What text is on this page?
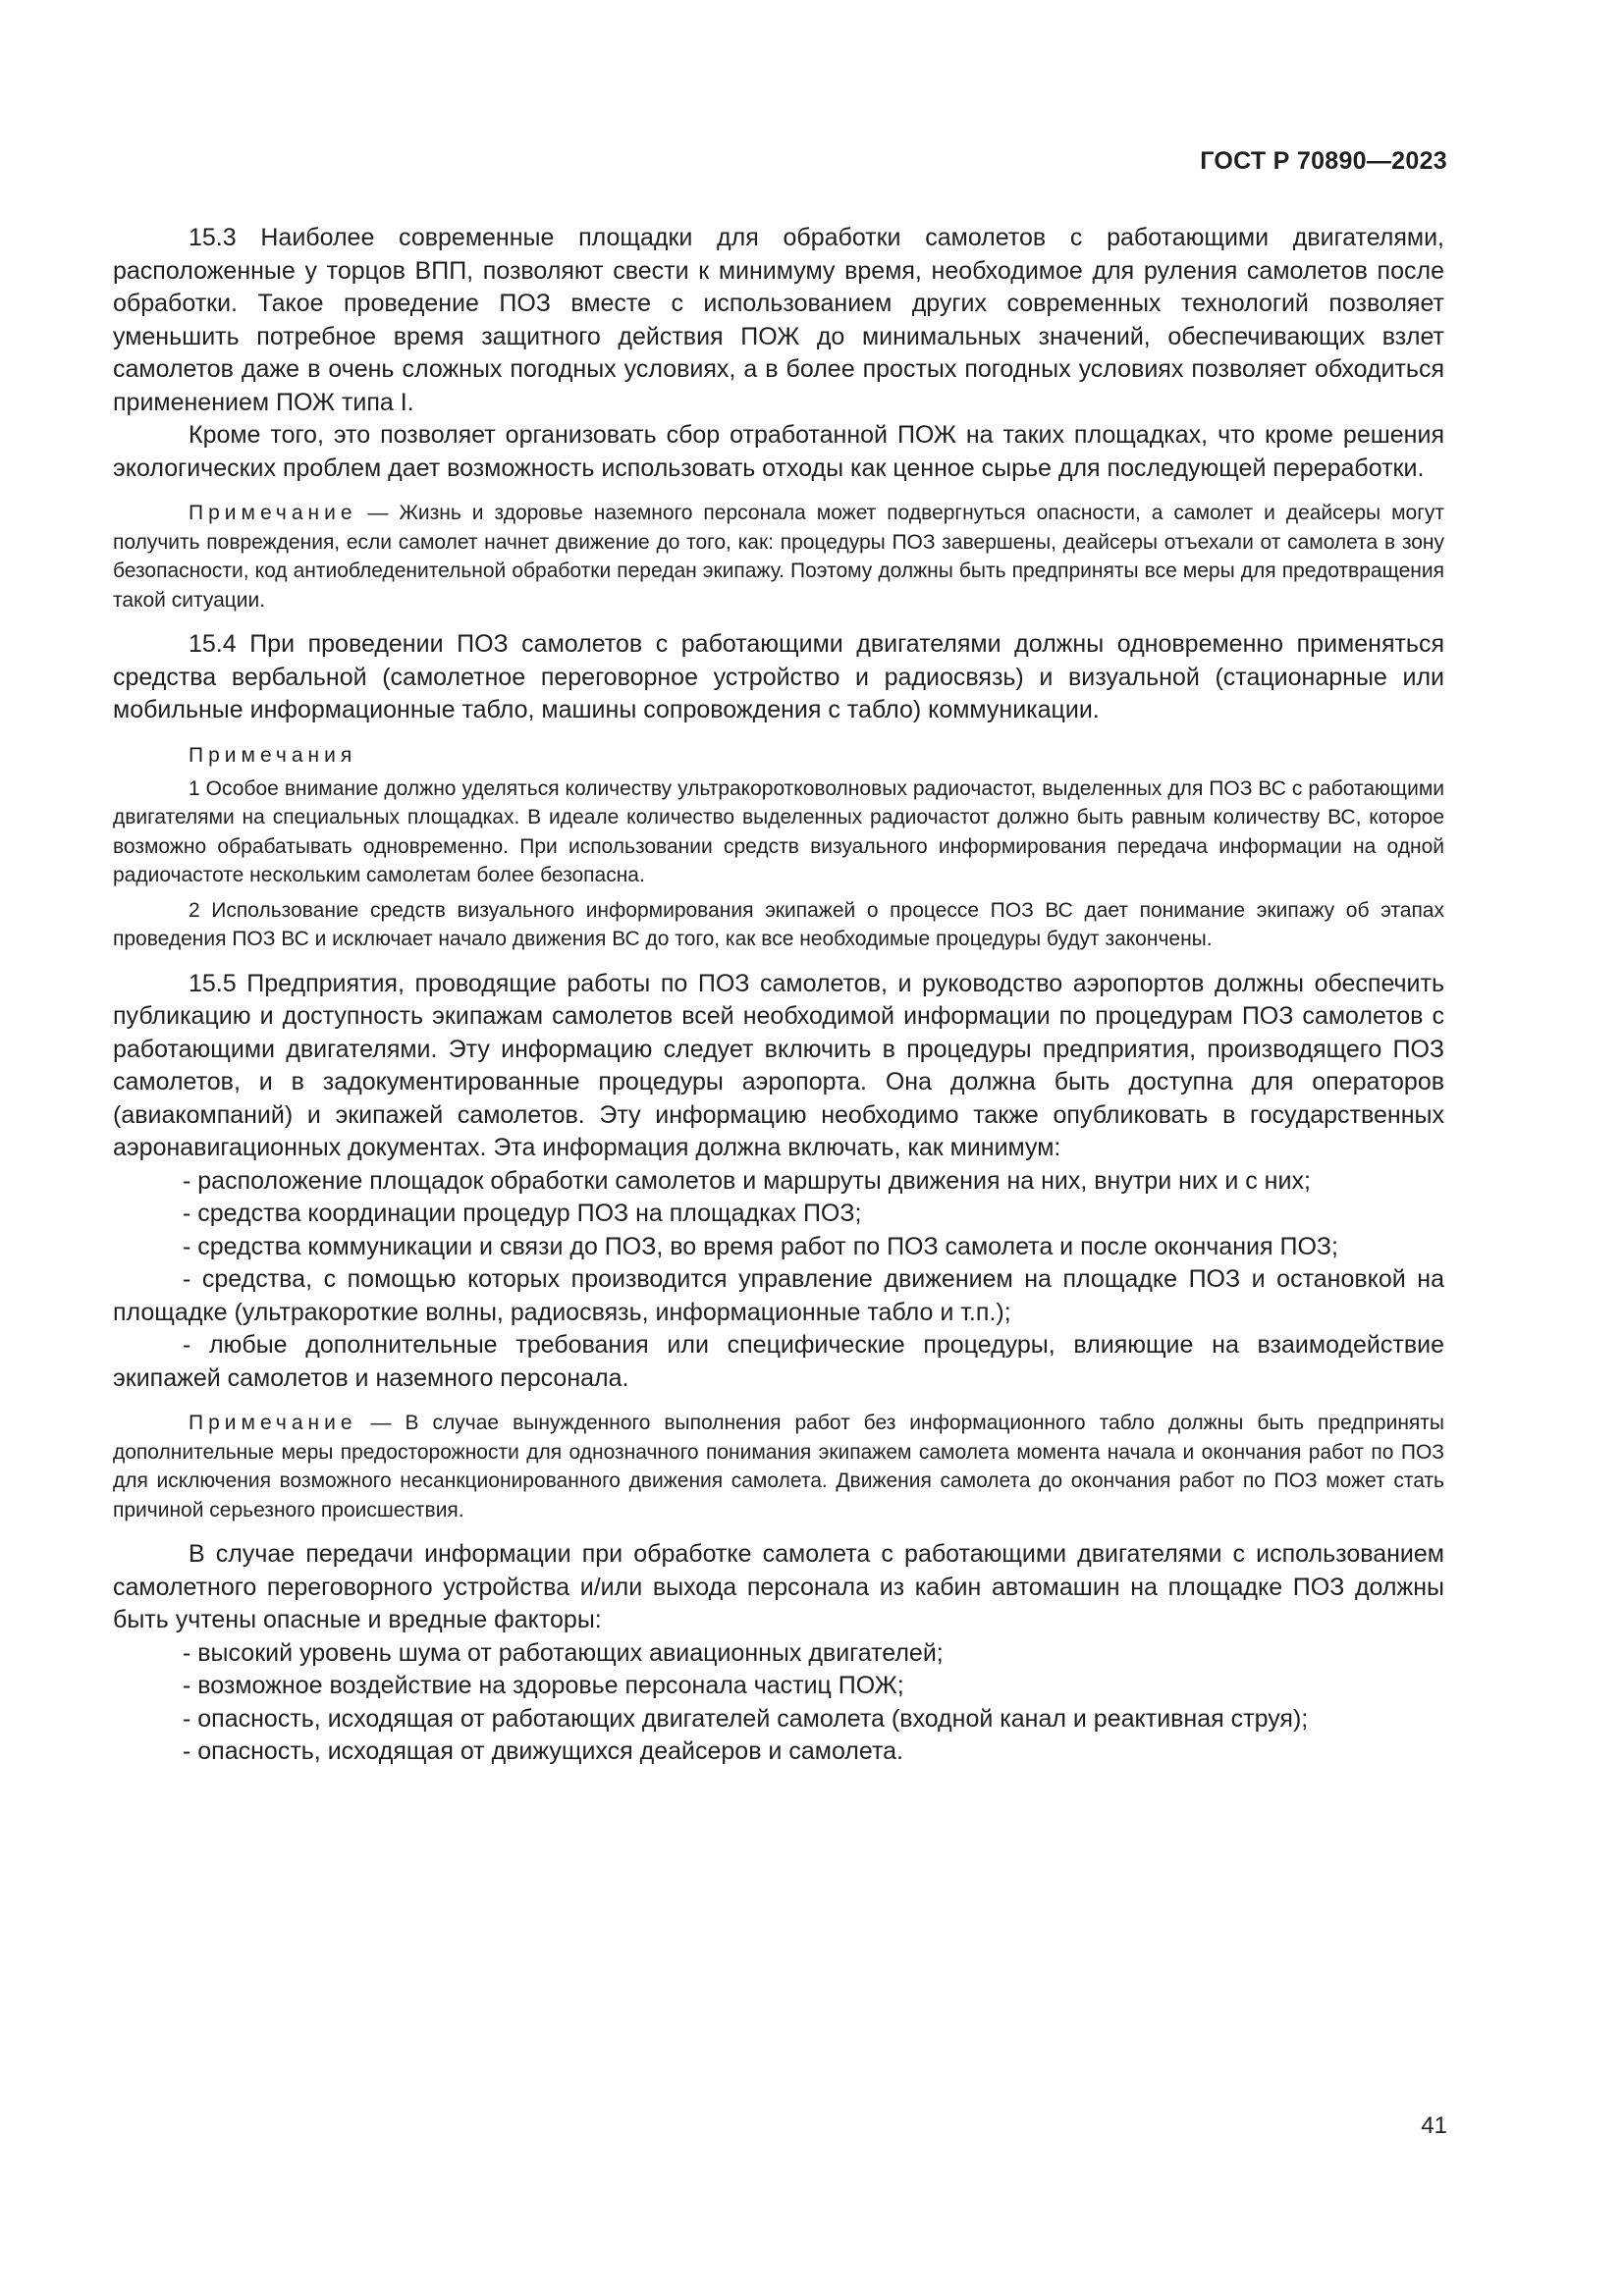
ГОСТ Р 70890—2023

15.3 Наиболее современные площадки для обработки самолетов с работающими двигателями, расположенные у торцов ВПП, позволяют свести к минимуму время, необходимое для руления самолетов после обработки. Такое проведение ПОЗ вместе с использованием других современных технологий позволяет уменьшить потребное время защитного действия ПОЖ до минимальных значений, обеспечивающих взлет самолетов даже в очень сложных погодных условиях, а в более простых погодных условиях позволяет обходиться применением ПОЖ типа I.

Кроме того, это позволяет организовать сбор отработанной ПОЖ на таких площадках, что кроме решения экологических проблем дает возможность использовать отходы как ценное сырье для последующей переработки.

Примечание — Жизнь и здоровье наземного персонала может подвергнуться опасности, а самолет и деайсеры могут получить повреждения, если самолет начнет движение до того, как: процедуры ПОЗ завершены, деайсеры отъехали от самолета в зону безопасности, код антиобледенительной обработки передан экипажу. Поэтому должны быть предприняты все меры для предотвращения такой ситуации.

15.4 При проведении ПОЗ самолетов с работающими двигателями должны одновременно применяться средства вербальной (самолетное переговорное устройство и радиосвязь) и визуальной (стационарные или мобильные информационные табло, машины сопровождения с табло) коммуникации.

Примечания

1 Особое внимание должно уделяться количеству ультракоротковолновых радиочастот, выделенных для ПОЗ ВС с работающими двигателями на специальных площадках. В идеале количество выделенных радиочастот должно быть равным количеству ВС, которое возможно обрабатывать одновременно. При использовании средств визуального информирования передача информации на одной радиочастоте нескольким самолетам более безопасна.

2 Использование средств визуального информирования экипажей о процессе ПОЗ ВС дает понимание экипажу об этапах проведения ПОЗ ВС и исключает начало движения ВС до того, как все необходимые процедуры будут закончены.

15.5 Предприятия, проводящие работы по ПОЗ самолетов, и руководство аэропортов должны обеспечить публикацию и доступность экипажам самолетов всей необходимой информации по процедурам ПОЗ самолетов с работающими двигателями. Эту информацию следует включить в процедуры предприятия, производящего ПОЗ самолетов, и в задокументированные процедуры аэропорта. Она должна быть доступна для операторов (авиакомпаний) и экипажей самолетов. Эту информацию необходимо также опубликовать в государственных аэронавигационных документах. Эта информация должна включать, как минимум:

- расположение площадок обработки самолетов и маршруты движения на них, внутри них и с них;

- средства координации процедур ПОЗ на площадках ПОЗ;

- средства коммуникации и связи до ПОЗ, во время работ по ПОЗ самолета и после окончания ПОЗ;

- средства, с помощью которых производится управление движением на площадке ПОЗ и остановкой на площадке (ультракороткие волны, радиосвязь, информационные табло и т.п.);

- любые дополнительные требования или специфические процедуры, влияющие на взаимодействие экипажей самолетов и наземного персонала.

Примечание — В случае вынужденного выполнения работ без информационного табло должны быть предприняты дополнительные меры предосторожности для однозначного понимания экипажем самолета момента начала и окончания работ по ПОЗ для исключения возможного несанкционированного движения самолета. Движения самолета до окончания работ по ПОЗ может стать причиной серьезного происшествия.

В случае передачи информации при обработке самолета с работающими двигателями с использованием самолетного переговорного устройства и/или выхода персонала из кабин автомашин на площадке ПОЗ должны быть учтены опасные и вредные факторы:

- высокий уровень шума от работающих авиационных двигателей;

- возможное воздействие на здоровье персонала частиц ПОЖ;

- опасность, исходящая от работающих двигателей самолета (входной канал и реактивная струя);

- опасность, исходящая от движущихся деайсеров и самолета.

41
